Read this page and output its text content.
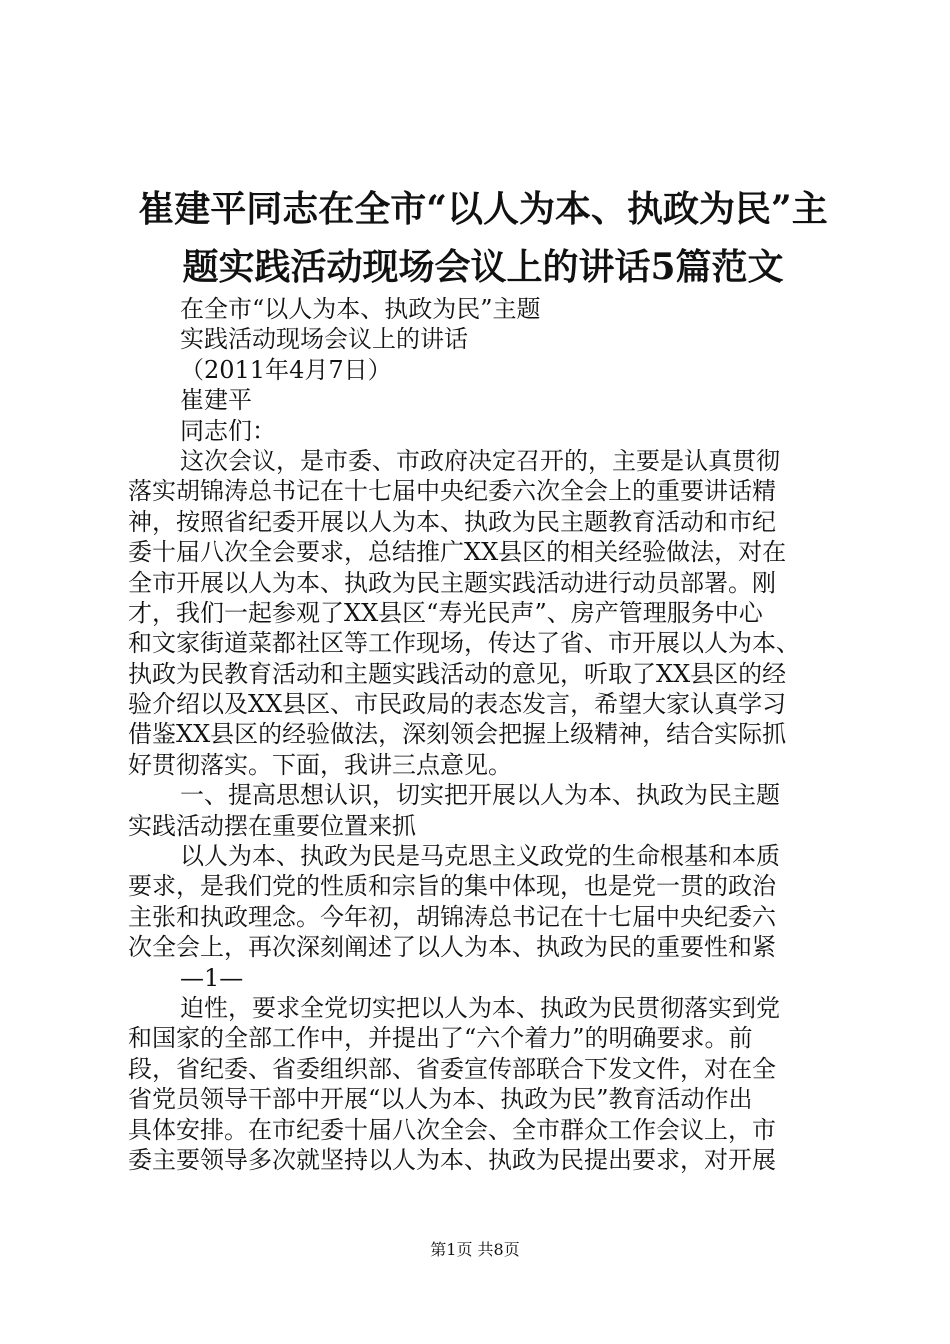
崔建平同志在全市“以人为本、执政为民”主
题实践活动现场会议上的讲话5篇范文
在全市“以人为本、执政为民”主题
实践活动现场会议上的讲话
（2011年4月7日）
崔建平
同志们：
这次会议，是市委、市政府决定召开的，主要是认真贯彻
落实胡锦涛总书记在十七届中央纪委六次全会上的重要讲话精
神，按照省纪委开展以人为本、执政为民主题教育活动和市纪
委十届八次全会要求，总结推广XX县区的相关经验做法，对在
全市开展以人为本、执政为民主题实践活动进行动员部署。刚
才，我们一起参观了XX县区“寿光民声”、房产管理服务中心
和文家街道菜都社区等工作现场，传达了省、市开展以人为本、
执政为民教育活动和主题实践活动的意见，听取了XX县区的经
验介绍以及XX县区、市民政局的表态发言，希望大家认真学习
借鉴XX县区的经验做法，深刻领会把握上级精神，结合实际抓
好贯彻落实。下面，我讲三点意见。
一、提高思想认识，切实把开展以人为本、执政为民主题
实践活动摆在重要位置来抓
以人为本、执政为民是马克思主义政党的生命根基和本质
要求，是我们党的性质和宗旨的集中体现，也是党一贯的政治
主张和执政理念。今年初，胡锦涛总书记在十七届中央纪委六
次全会上，再次深刻阐述了以人为本、执政为民的重要性和紧
—1—
迫性，要求全党切实把以人为本、执政为民贯彻落实到党
和国家的全部工作中，并提出了“六个着力”的明确要求。前
段，省纪委、省委组织部、省委宣传部联合下发文件，对在全
省党员领导干部中开展“以人为本、执政为民”教育活动作出
具体安排。在市纪委十届八次全会、全市群众工作会议上，市
委主要领导多次就坚持以人为本、执政为民提出要求，对开展
第1页 共8页
